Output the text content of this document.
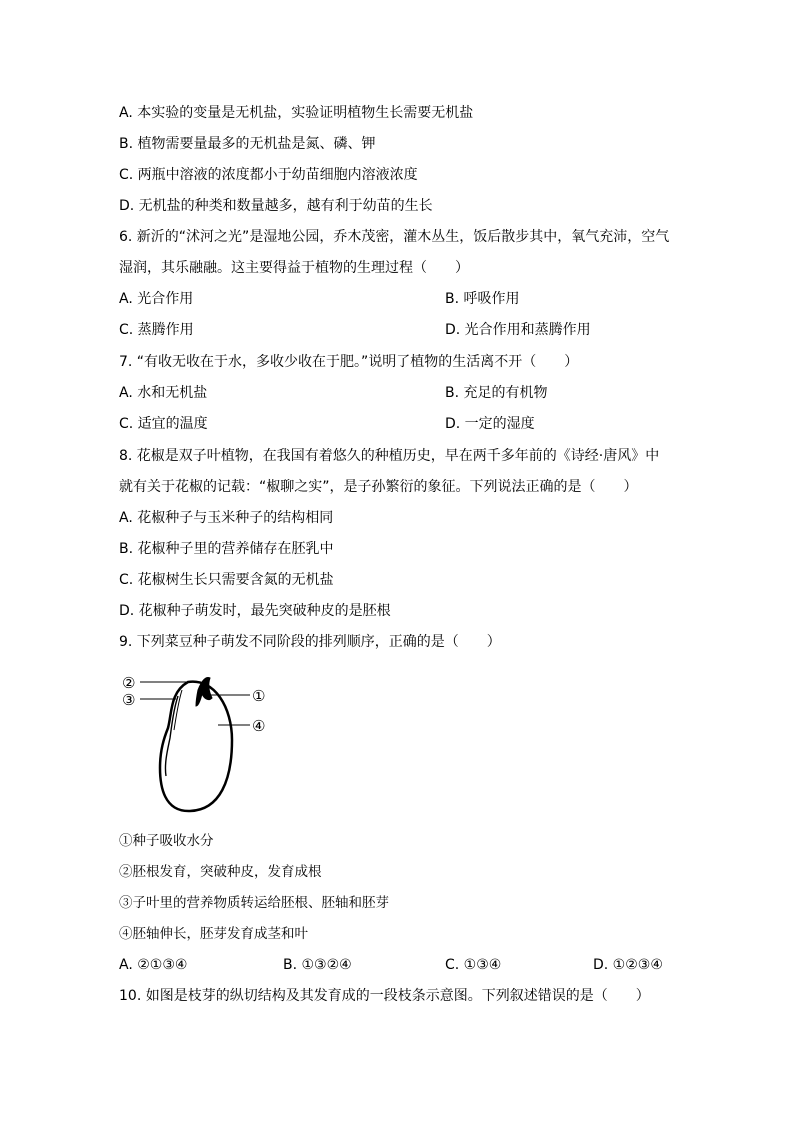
A. 本实验的变量是无机盐，实验证明植物生长需要无机盐
B. 植物需要量最多的无机盐是氮、磷、钾
C. 两瓶中溶液的浓度都小于幼苗细胞内溶液浓度
D. 无机盐的种类和数量越多，越有利于幼苗的生长
6. 新沂的“沭河之光”是湿地公园，乔木茂密，灌木丛生，饭后散步其中，氧气充沛，空气
湿润，其乐融融。这主要得益于植物的生理过程（　　）
A. 光合作用	B. 呼吸作用
C. 蒸腾作用	D. 光合作用和蒸腾作用
7. “有收无收在于水，多收少收在于肥。”说明了植物的生活离不开（　　）
A. 水和无机盐	B. 充足的有机物
C. 适宜的温度	D. 一定的湿度
8. 花椒是双子叶植物，在我国有着悠久的种植历史，早在两千多年前的《诗经·唐风》中
就有关于花椒的记载：“椒聊之实”，是子孙繁衍的象征。下列说法正确的是（　　）
A. 花椒种子与玉米种子的结构相同
B. 花椒种子里的营养储存在胚乳中
C. 花椒树生长只需要含氮的无机盐
D. 花椒种子萌发时，最先突破种皮的是胚根
9. 下列菜豆种子萌发不同阶段的排列顺序，正确的是（　　）
②
③	①
④
①种子吸收水分
②胚根发育，突破种皮，发育成根
③子叶里的营养物质转运给胚根、胚轴和胚芽
④胚轴伸长，胚芽发育成茎和叶
A. ②①③④	B. ①③②④	C. ①③④	D. ①②③④
10. 如图是枝芽的纵切结构及其发育成的一段枝条示意图。下列叙述错误的是（　　）
